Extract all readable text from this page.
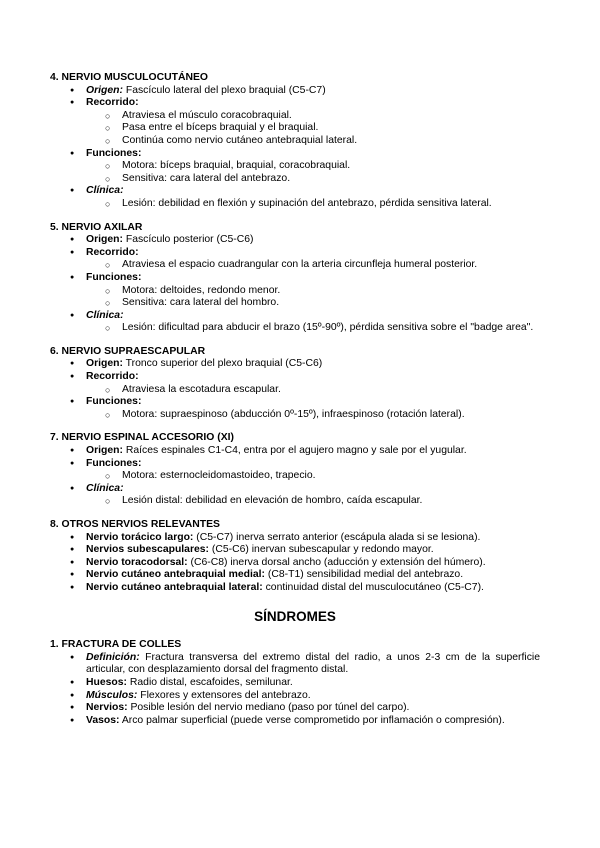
4. NERVIO MUSCULOCUTÁNEO

● Origen: Fascículo lateral del plexo braquial (C5-C7)
● Recorrido:
○ Atraviesa el músculo coracobraquial.
○ Pasa entre el bíceps braquial y el braquial.
○ Continúa como nervio cutáneo antebraquial lateral.
● Funciones:
○ Motora: bíceps braquial, braquial, coracobraquial.
○ Sensitiva: cara lateral del antebrazo.
● Clínica:
○ Lesión: debilidad en flexión y supinación del antebrazo, pérdida sensitiva lateral.

5. NERVIO AXILAR

● Origen: Fascículo posterior (C5-C6)
● Recorrido:
○ Atraviesa el espacio cuadrangular con la arteria circunfleja humeral posterior.
● Funciones:
○ Motora: deltoides, redondo menor.
○ Sensitiva: cara lateral del hombro.
● Clínica:
○ Lesión: dificultad para abducir el brazo (15º-90º), pérdida sensitiva sobre el "badge area".

6. NERVIO SUPRAESCAPULAR

● Origen: Tronco superior del plexo braquial (C5-C6)
● Recorrido:
○ Atraviesa la escotadura escapular.
● Funciones:
○ Motora: supraespinoso (abducción 0º-15º), infraespinoso (rotación lateral).

7. NERVIO ESPINAL ACCESORIO (XI)

● Origen: Raíces espinales C1-C4, entra por el agujero magno y sale por el yugular.
● Funciones:
○ Motora: esternocleidomastoideo, trapecio.
● Clínica:
○ Lesión distal: debilidad en elevación de hombro, caída escapular.

8. OTROS NERVIOS RELEVANTES

● Nervio torácico largo: (C5-C7) inerva serrato anterior (escápula alada si se lesiona).
● Nervios subescapulares: (C5-C6) inervan subescapular y redondo mayor.
● Nervio toracodorsal: (C6-C8) inerva dorsal ancho (aducción y extensión del húmero).
● Nervio cutáneo antebraquial medial: (C8-T1) sensibilidad medial del antebrazo.
● Nervio cutáneo antebraquial lateral: continuidad distal del musculocutáneo (C5-C7).
SÍNDROMES

1. FRACTURA DE COLLES

● Definición: Fractura transversa del extremo distal del radio, a unos 2-3 cm de la superficie articular, con desplazamiento dorsal del fragmento distal.
● Huesos: Radio distal, escafoides, semilunar.
● Músculos: Flexores y extensores del antebrazo.
● Nervios: Posible lesión del nervio mediano (paso por túnel del carpo).
● Vasos: Arco palmar superficial (puede verse comprometido por inflamación o compresión).
